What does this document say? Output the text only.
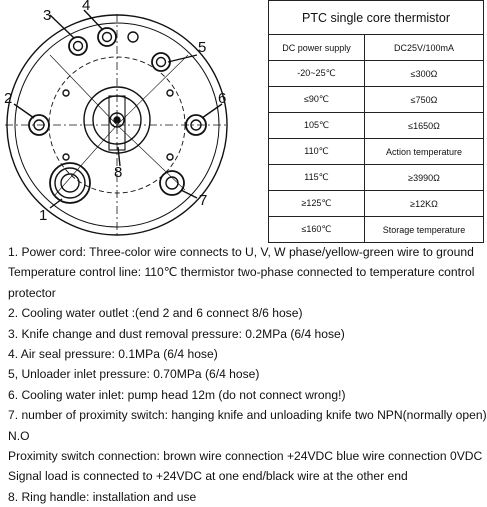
4
3
5
2	6
8
1
7
PTC single core thermistor	
DC power supply	DC25V/100mA
-20~25℃	≤300Ω
≤90℃	≤750Ω
105℃	≤1650Ω
110℃	Action temperature
115℃	≥3990Ω
≥125℃	≥12KΩ
≤160℃	Storage temperature
1. Power cord: Three-color wire connects to U, V, W phase/yellow-green wire to ground
Temperature control line: 110℃ thermistor two-phase connected to temperature control
protector
2. Cooling water outlet :(end 2 and 6 connect 8/6 hose)
3. Knife change and dust removal pressure: 0.2MPa (6/4 hose)
4. Air seal pressure: 0.1MPa (6/4 hose)
5, Unloader inlet pressure: 0.70MPa (6/4 hose)
6. Cooling water inlet: pump head 12m (do not connect wrong!)
7. number of proximity switch: hanging knife and unloading knife two NPN(normally open)
N.O
Proximity switch connection: brown wire connection +24VDC blue wire connection 0VDC
Signal load is connected to +24VDC at one end/black wire at the other end
8. Ring handle: installation and use
